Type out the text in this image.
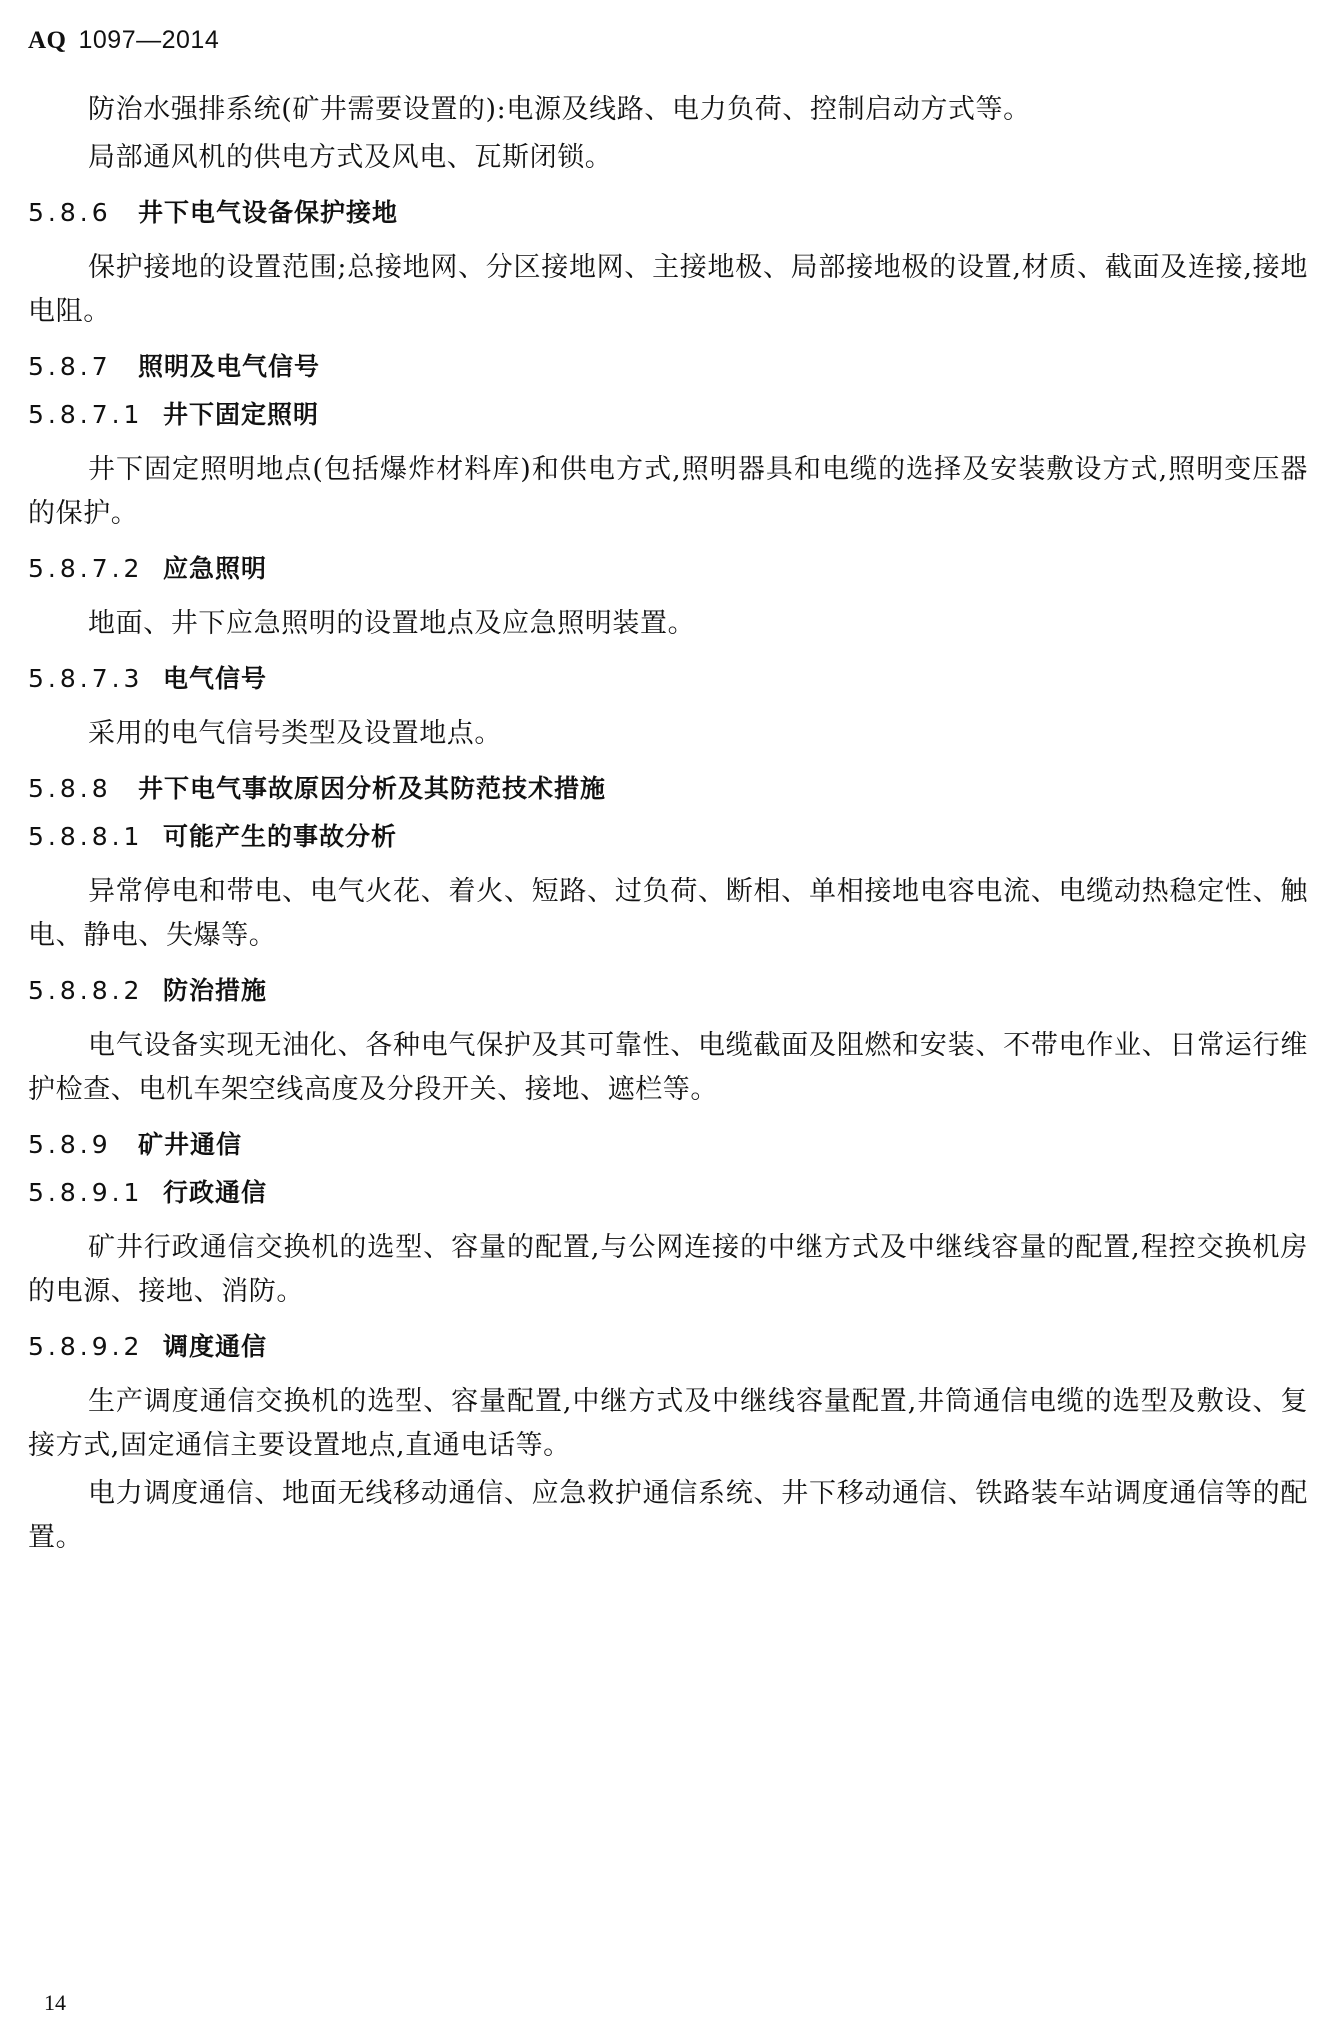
AQ 1097—2014

防治水强排系统(矿井需要设置的):电源及线路、电力负荷、控制启动方式等。

局部通风机的供电方式及风电、瓦斯闭锁。

5.8.6 井下电气设备保护接地

保护接地的设置范围;总接地网、分区接地网、主接地极、局部接地极的设置,材质、截面及连接,接地电阻。

5.8.7 照明及电气信号
5.8.7.1 井下固定照明

井下固定照明地点(包括爆炸材料库)和供电方式,照明器具和电缆的选择及安装敷设方式,照明变压器的保护。

5.8.7.2 应急照明

地面、井下应急照明的设置地点及应急照明装置。

5.8.7.3 电气信号

采用的电气信号类型及设置地点。

5.8.8 井下电气事故原因分析及其防范技术措施
5.8.8.1 可能产生的事故分析

异常停电和带电、电气火花、着火、短路、过负荷、断相、单相接地电容电流、电缆动热稳定性、触电、静电、失爆等。

5.8.8.2 防治措施

电气设备实现无油化、各种电气保护及其可靠性、电缆截面及阻燃和安装、不带电作业、日常运行维护检查、电机车架空线高度及分段开关、接地、遮栏等。

5.8.9 矿井通信
5.8.9.1 行政通信

矿井行政通信交换机的选型、容量的配置,与公网连接的中继方式及中继线容量的配置,程控交换机房的电源、接地、消防。

5.8.9.2 调度通信

生产调度通信交换机的选型、容量配置,中继方式及中继线容量配置,井筒通信电缆的选型及敷设、复接方式,固定通信主要设置地点,直通电话等。

电力调度通信、地面无线移动通信、应急救护通信系统、井下移动通信、铁路装车站调度通信等的配置。

14
